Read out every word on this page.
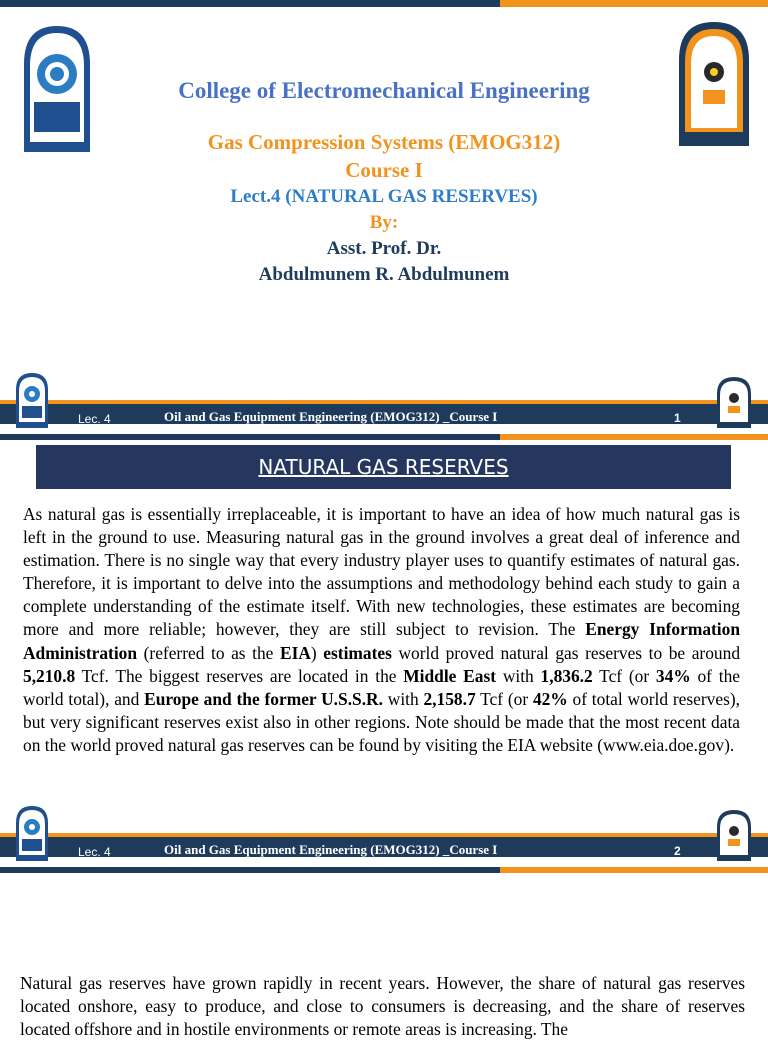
College of Electromechanical Engineering
Gas Compression Systems (EMOG312)
Course I
Lect.4 (NATURAL GAS RESERVES)
By:
Asst. Prof. Dr.
Abdulmunem R. Abdulmunem
Lec. 4	Oil and Gas Equipment Engineering (EMOG312) _Course I	1
NATURAL GAS RESERVES
As natural gas is essentially irreplaceable, it is important to have an idea of how much natural gas is left in the ground to use. Measuring natural gas in the ground involves a great deal of inference and estimation. There is no single way that every industry player uses to quantify estimates of natural gas. Therefore, it is important to delve into the assumptions and methodology behind each study to gain a complete understanding of the estimate itself. With new technologies, these estimates are becoming more and more reliable; however, they are still subject to revision. The Energy Information Administration (referred to as the EIA) estimates world proved natural gas reserves to be around 5,210.8 Tcf. The biggest reserves are located in the Middle East with 1,836.2 Tcf (or 34% of the world total), and Europe and the former U.S.S.R. with 2,158.7 Tcf (or 42% of total world reserves), but very significant reserves exist also in other regions. Note should be made that the most recent data on the world proved natural gas reserves can be found by visiting the EIA website (www.eia.doe.gov).
Lec. 4	Oil and Gas Equipment Engineering (EMOG312) _Course I	2
Natural gas reserves have grown rapidly in recent years. However, the share of natural gas reserves located onshore, easy to produce, and close to consumers is decreasing, and the share of reserves located offshore and in hostile environments or remote areas is increasing. The
